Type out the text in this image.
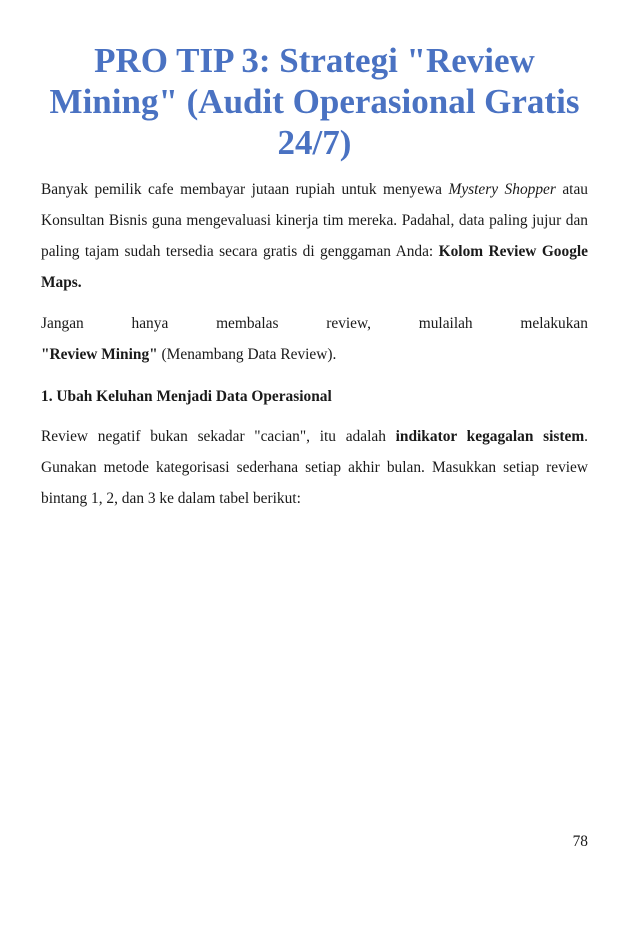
PRO TIP 3: Strategi "Review Mining" (Audit Operasional Gratis 24/7)

Banyak pemilik cafe membayar jutaan rupiah untuk menyewa Mystery Shopper atau Konsultan Bisnis guna mengevaluasi kinerja tim mereka. Padahal, data paling jujur dan paling tajam sudah tersedia secara gratis di genggaman Anda: Kolom Review Google Maps.

Jangan	hanya	membalas	review,	mulailah	melakukan
"Review Mining" (Menambang Data Review).

1. Ubah Keluhan Menjadi Data Operasional

Review negatif bukan sekadar "cacian", itu adalah indikator kegagalan sistem. Gunakan metode kategorisasi sederhana setiap akhir bulan. Masukkan setiap review bintang 1, 2, dan 3 ke dalam tabel berikut:

78
